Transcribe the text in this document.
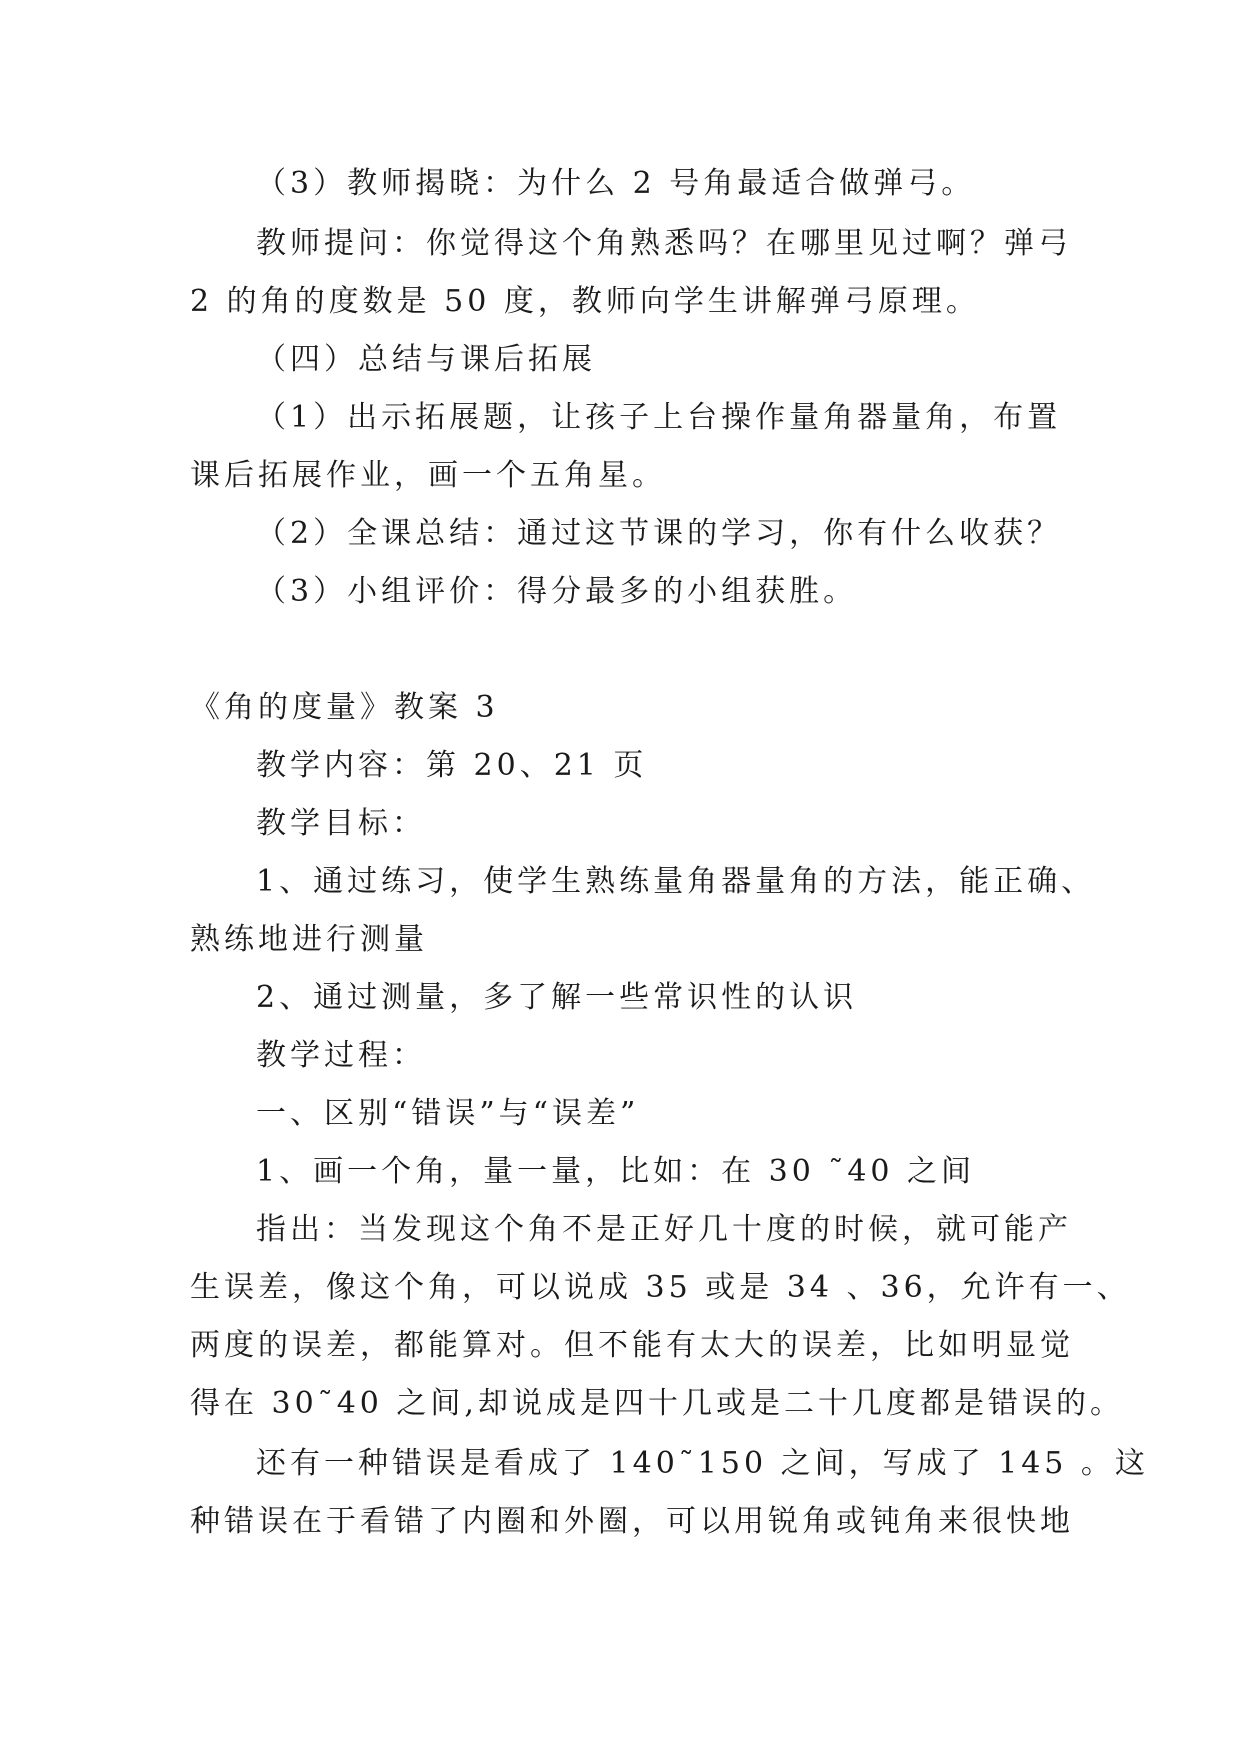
（3）教师揭晓：为什么 2 号角最适合做弹弓。
教师提问：你觉得这个角熟悉吗？在哪里见过啊？弹弓
2 的角的度数是 50 度，教师向学生讲解弹弓原理。
（四）总结与课后拓展
（1）出示拓展题，让孩子上台操作量角器量角，布置
课后拓展作业，画一个五角星。
（2）全课总结：通过这节课的学习，你有什么收获？
（3）小组评价：得分最多的小组获胜。
《角的度量》教案 3
教学内容：第 20、21 页
教学目标：
1、通过练习，使学生熟练量角器量角的方法，能正确、
熟练地进行测量
2、通过测量，多了解一些常识性的认识
教学过程：
一、区别“错误”与“误差”
1、画一个角，量一量，比如：在 30 ˜40 之间
指出：当发现这个角不是正好几十度的时候，就可能产
生误差，像这个角，可以说成 35 或是 34 、36，允许有一、
两度的误差，都能算对。但不能有太大的误差，比如明显觉
得在 30˜40 之间,却说成是四十几或是二十几度都是错误的。
还有一种错误是看成了 140˜150 之间，写成了 145 。这
种错误在于看错了内圈和外圈，可以用锐角或钝角来很快地
